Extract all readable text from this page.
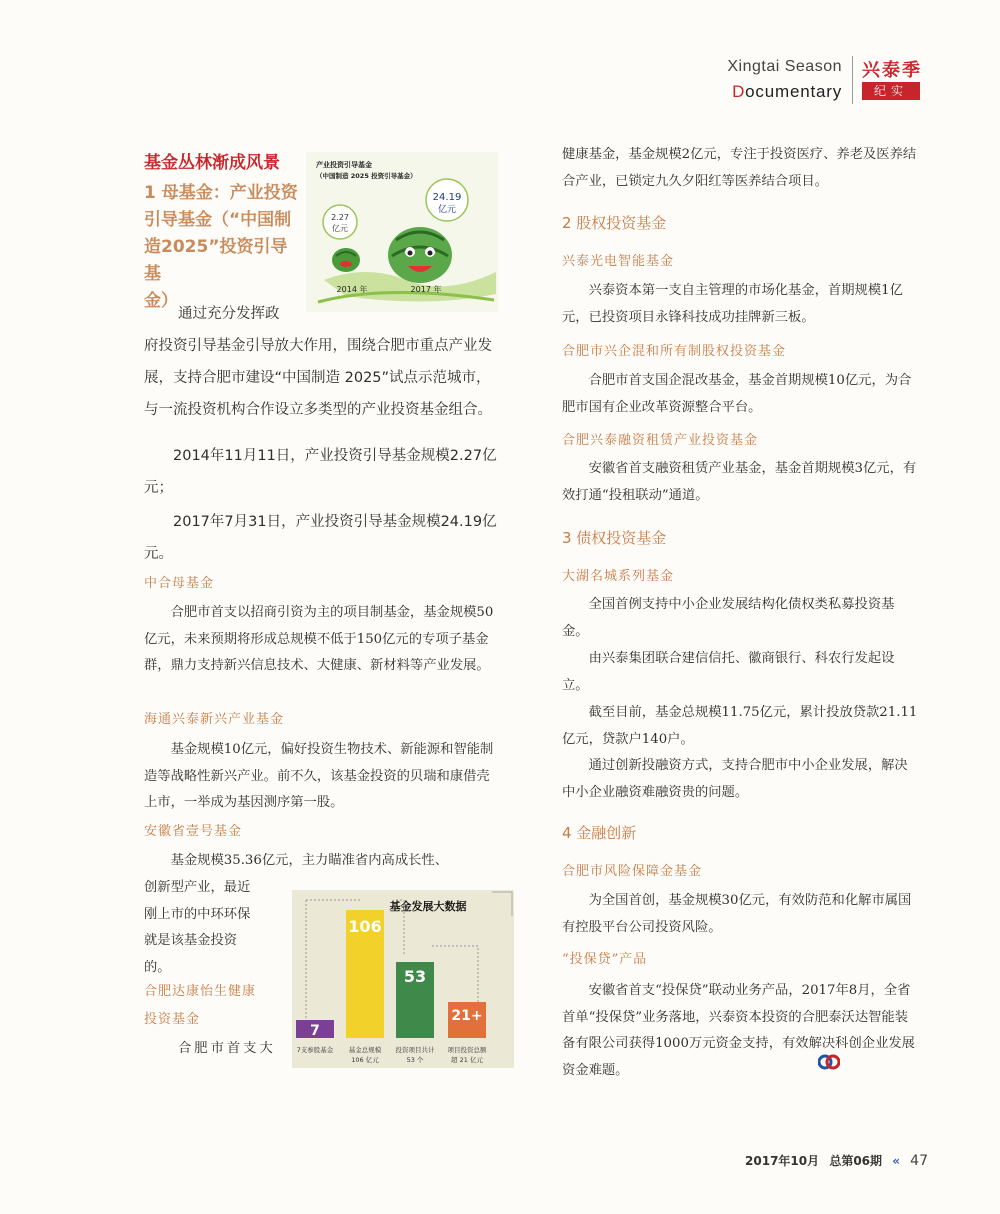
Xingtai Season
Documentary
兴泰季
纪实
基金丛林渐成风景
1 母基金：产业投资
引导基金（“中国制
造2025”投资引导基
金）
产业投资引导基金
（中国制造 2025 投资引导基金）
2.27
亿元
24.19
亿元
2014 年	2017 年
通过充分发挥政
府投资引导基金引导放大作用，围绕合肥市重点产业发展，支持合肥市建设“中国制造 2025”试点示范城市，与一流投资机构合作设立多类型的产业投资基金组合。
2014年11月11日，产业投资引导基金规模2.27亿元；
2017年7月31日，产业投资引导基金规模24.19亿元。
中合母基金
合肥市首支以招商引资为主的项目制基金，基金规模50亿元，未来预期将形成总规模不低于150亿元的专项子基金群，鼎力支持新兴信息技术、大健康、新材料等产业发展。
海通兴泰新兴产业基金
基金规模10亿元，偏好投资生物技术、新能源和智能制造等战略性新兴产业。前不久，该基金投资的贝瑞和康借壳上市，一举成为基因测序第一股。
安徽省壹号基金
基金规模35.36亿元，主力瞄准省内高成长性、
创新型产业，最近
刚上市的中环环保
就是该基金投资
的。
合肥达康怡生健康
投资基金
合肥市首支大
基金发展大数据
7
106
53
21+
7支参股基金 基金总规模
106 亿元
投资项目共计
53 个
项目投资总额
超 21 亿元
健康基金，基金规模2亿元，专注于投资医疗、养老及医养结合产业，已锁定九久夕阳红等医养结合项目。
2 股权投资基金
兴泰光电智能基金
兴泰资本第一支自主管理的市场化基金，首期规模1亿元，已投资项目永锋科技成功挂牌新三板。
合肥市兴企混和所有制股权投资基金
合肥市首支国企混改基金，基金首期规模10亿元，为合肥市国有企业改革资源整合平台。
合肥兴泰融资租赁产业投资基金
安徽省首支融资租赁产业基金，基金首期规模3亿元，有效打通“投租联动”通道。
3 债权投资基金
大湖名城系列基金
全国首例支持中小企业发展结构化债权类私募投资基金。
由兴泰集团联合建信信托、徽商银行、科农行发起设立。
截至目前，基金总规模11.75亿元，累计投放贷款21.11亿元，贷款户140户。
通过创新投融资方式，支持合肥市中小企业发展，解决中小企业融资难融资贵的问题。
4 金融创新
合肥市风险保障金基金
为全国首创，基金规模30亿元，有效防范和化解市属国有控股平台公司投资风险。
“投保贷”产品
安徽省首支“投保贷”联动业务产品，2017年8月，全省首单“投保贷”业务落地，兴泰资本投资的合肥泰沃达智能装备有限公司获得1000万元资金支持，有效解决科创企业发展资金难题。
2017年10月 总第06期 « 47
